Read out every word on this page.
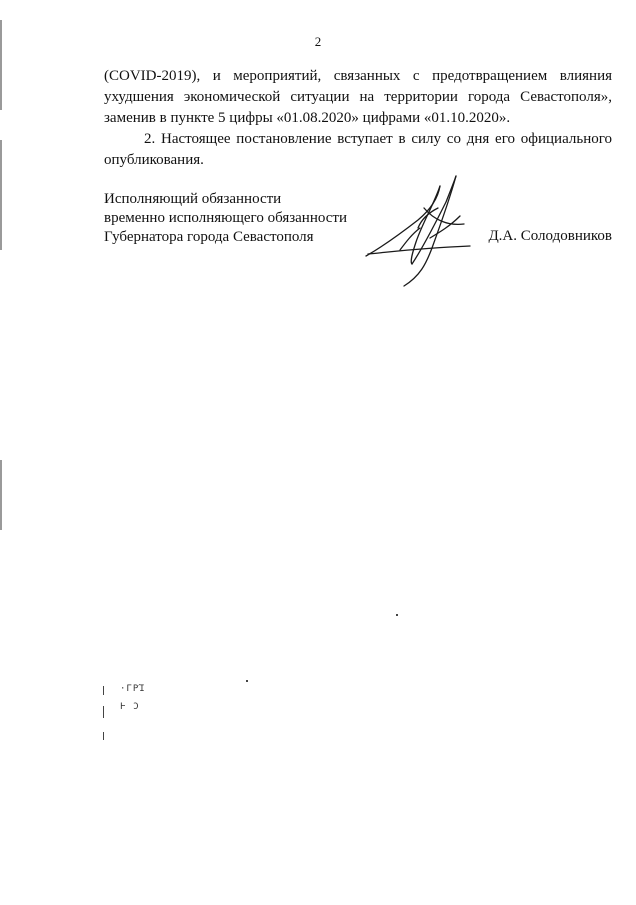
2

(COVID-2019), и мероприятий, связанных с предотвращением влияния

ухудшения экономической ситуации на территории города Севастополя»,

заменив в пункте 5 цифры «01.08.2020» цифрами «01.10.2020».

2. Настоящее постановление вступает в силу со дня его официального

опубликования.

Исполняющий обязанности
временно исполняющего обязанности
Губернатора города Севастополя	Д.А. Солодовников
·ΓΡΊ
Ͱ Ͻ
